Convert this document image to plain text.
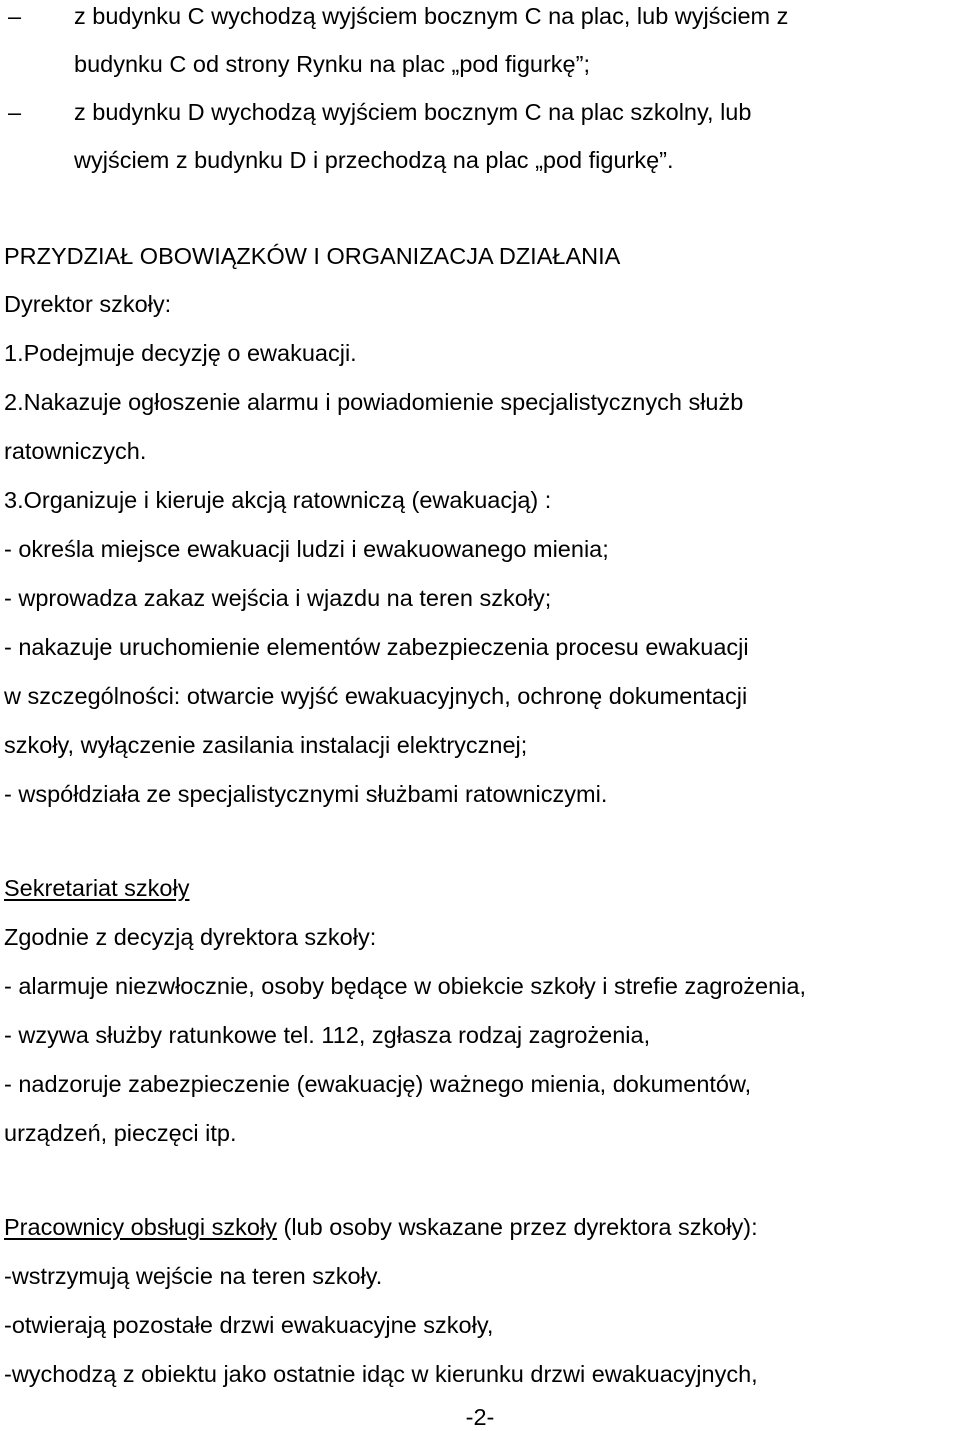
– z budynku C wychodzą wyjściem bocznym C na plac, lub wyjściem z
budynku C od strony Rynku na plac „pod figurkę”;
– z budynku D wychodzą wyjściem bocznym C na plac szkolny, lub
wyjściem z budynku D i przechodzą na plac „pod figurkę”.
PRZYDZIAŁ OBOWIĄZKÓW I ORGANIZACJA DZIAŁANIA
Dyrektor szkoły:
1.Podejmuje decyzję o ewakuacji.
2.Nakazuje ogłoszenie alarmu i powiadomienie specjalistycznych służb
ratowniczych.
3.Organizuje i kieruje akcją ratowniczą (ewakuacją) :
- określa miejsce ewakuacji ludzi i ewakuowanego mienia;
- wprowadza zakaz wejścia i wjazdu na teren szkoły;
- nakazuje uruchomienie elementów zabezpieczenia procesu ewakuacji
w szczególności: otwarcie wyjść ewakuacyjnych, ochronę dokumentacji
szkoły, wyłączenie zasilania instalacji elektrycznej;
- współdziała ze specjalistycznymi służbami ratowniczymi.
Sekretariat szkoły
Zgodnie z decyzją dyrektora szkoły:
- alarmuje niezwłocznie, osoby będące w obiekcie szkoły i strefie zagrożenia,
- wzywa służby ratunkowe tel. 112, zgłasza rodzaj zagrożenia,
- nadzoruje zabezpieczenie (ewakuację) ważnego mienia, dokumentów,
urządzeń, pieczęci itp.
Pracownicy obsługi szkoły (lub osoby wskazane przez dyrektora szkoły):
-wstrzymują wejście na teren szkoły.
-otwierają pozostałe drzwi ewakuacyjne szkoły,
-wychodzą z obiektu jako ostatnie idąc w kierunku drzwi ewakuacyjnych,
-2-
